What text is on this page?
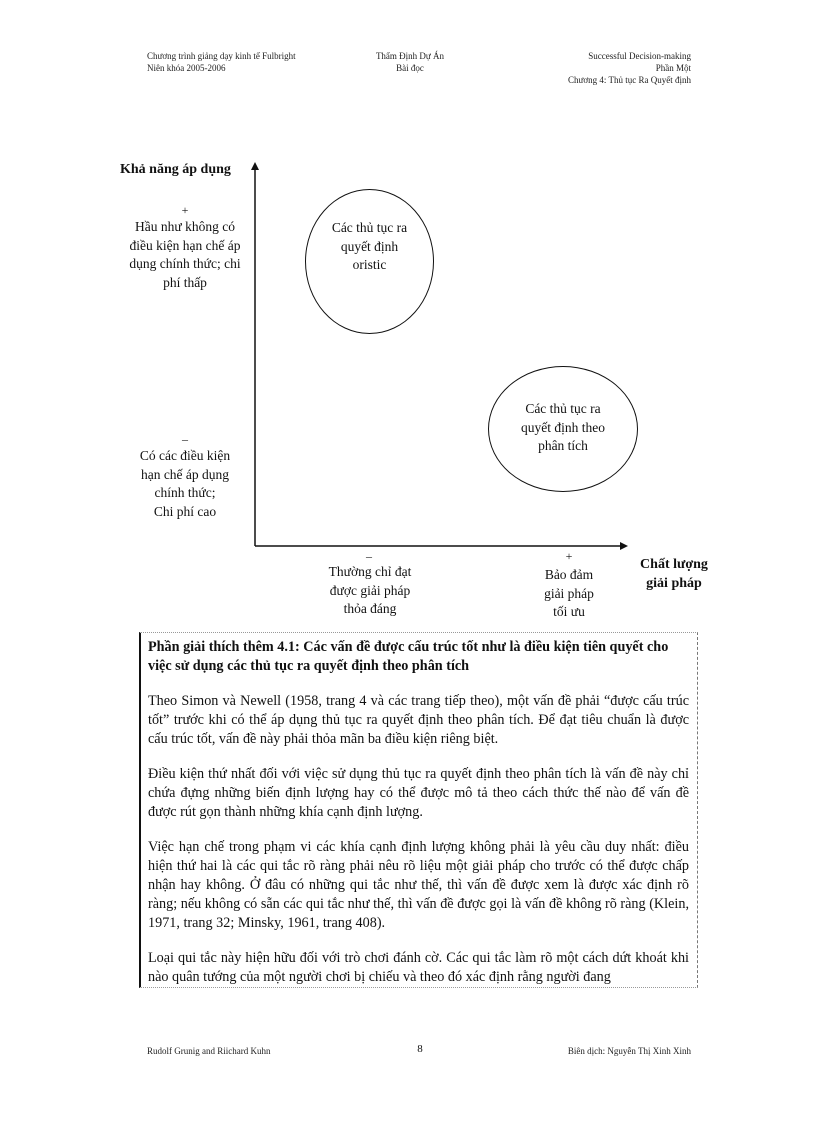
Chương trình giảng dạy kinh tế Fulbright
Niên khóa 2005-2006
Thẩm Định Dự Án
Bài đọc
Successful Decision-making
Phần Một
Chương 4: Thủ tục Ra Quyết định
Khả năng áp dụng
+
Hầu như không có
điều kiện hạn chế áp
dụng chính thức; chi
phí thấp
–
Có các điều kiện
hạn chế áp dụng
chính thức;
Chi phí cao
Các thủ tục ra
quyết định
oristic
Các thủ tục ra
quyết định theo
phân tích
–
Thường chỉ đạt
được giải pháp
thỏa đáng
+
Bảo đảm
giải pháp
tối ưu
Chất lượng
giải pháp
Phần giải thích thêm 4.1: Các vấn đề được cấu trúc tốt như là điều kiện tiên quyết cho việc sử dụng các thủ tục ra quyết định theo phân tích

Theo Simon và Newell (1958, trang 4 và các trang tiếp theo), một vấn đề phải “được cấu trúc tốt” trước khi có thể áp dụng thủ tục ra quyết định theo phân tích. Để đạt tiêu chuẩn là được cấu trúc tốt, vấn đề này phải thỏa mãn ba điều kiện riêng biệt.

Điều kiện thứ nhất đối với việc sử dụng thủ tục ra quyết định theo phân tích là vấn đề này chỉ chứa đựng những biến định lượng hay có thể được mô tả theo cách thức thế nào để vấn đề được rút gọn thành những khía cạnh định lượng.

Việc hạn chế trong phạm vi các khía cạnh định lượng không phải là yêu cầu duy nhất: điều hiện thứ hai là các qui tắc rõ ràng phải nêu rõ liệu một giải pháp cho trước có thể được chấp nhận hay không. Ở đâu có những qui tắc như thế, thì vấn đề được xem là được xác định rõ ràng; nếu không có sẵn các qui tắc như thế, thì vấn đề được gọi là vấn đề không rõ ràng (Klein, 1971, trang 32; Minsky, 1961, trang 408).

Loại qui tắc này hiện hữu đối với trò chơi đánh cờ. Các qui tắc làm rõ một cách dứt khoát khi nào quân tướng của một người chơi bị chiếu và theo đó xác định rằng người đang

Rudolf Grunig and Riichard Kuhn	8	Biên dịch: Nguyễn Thị Xinh Xinh
